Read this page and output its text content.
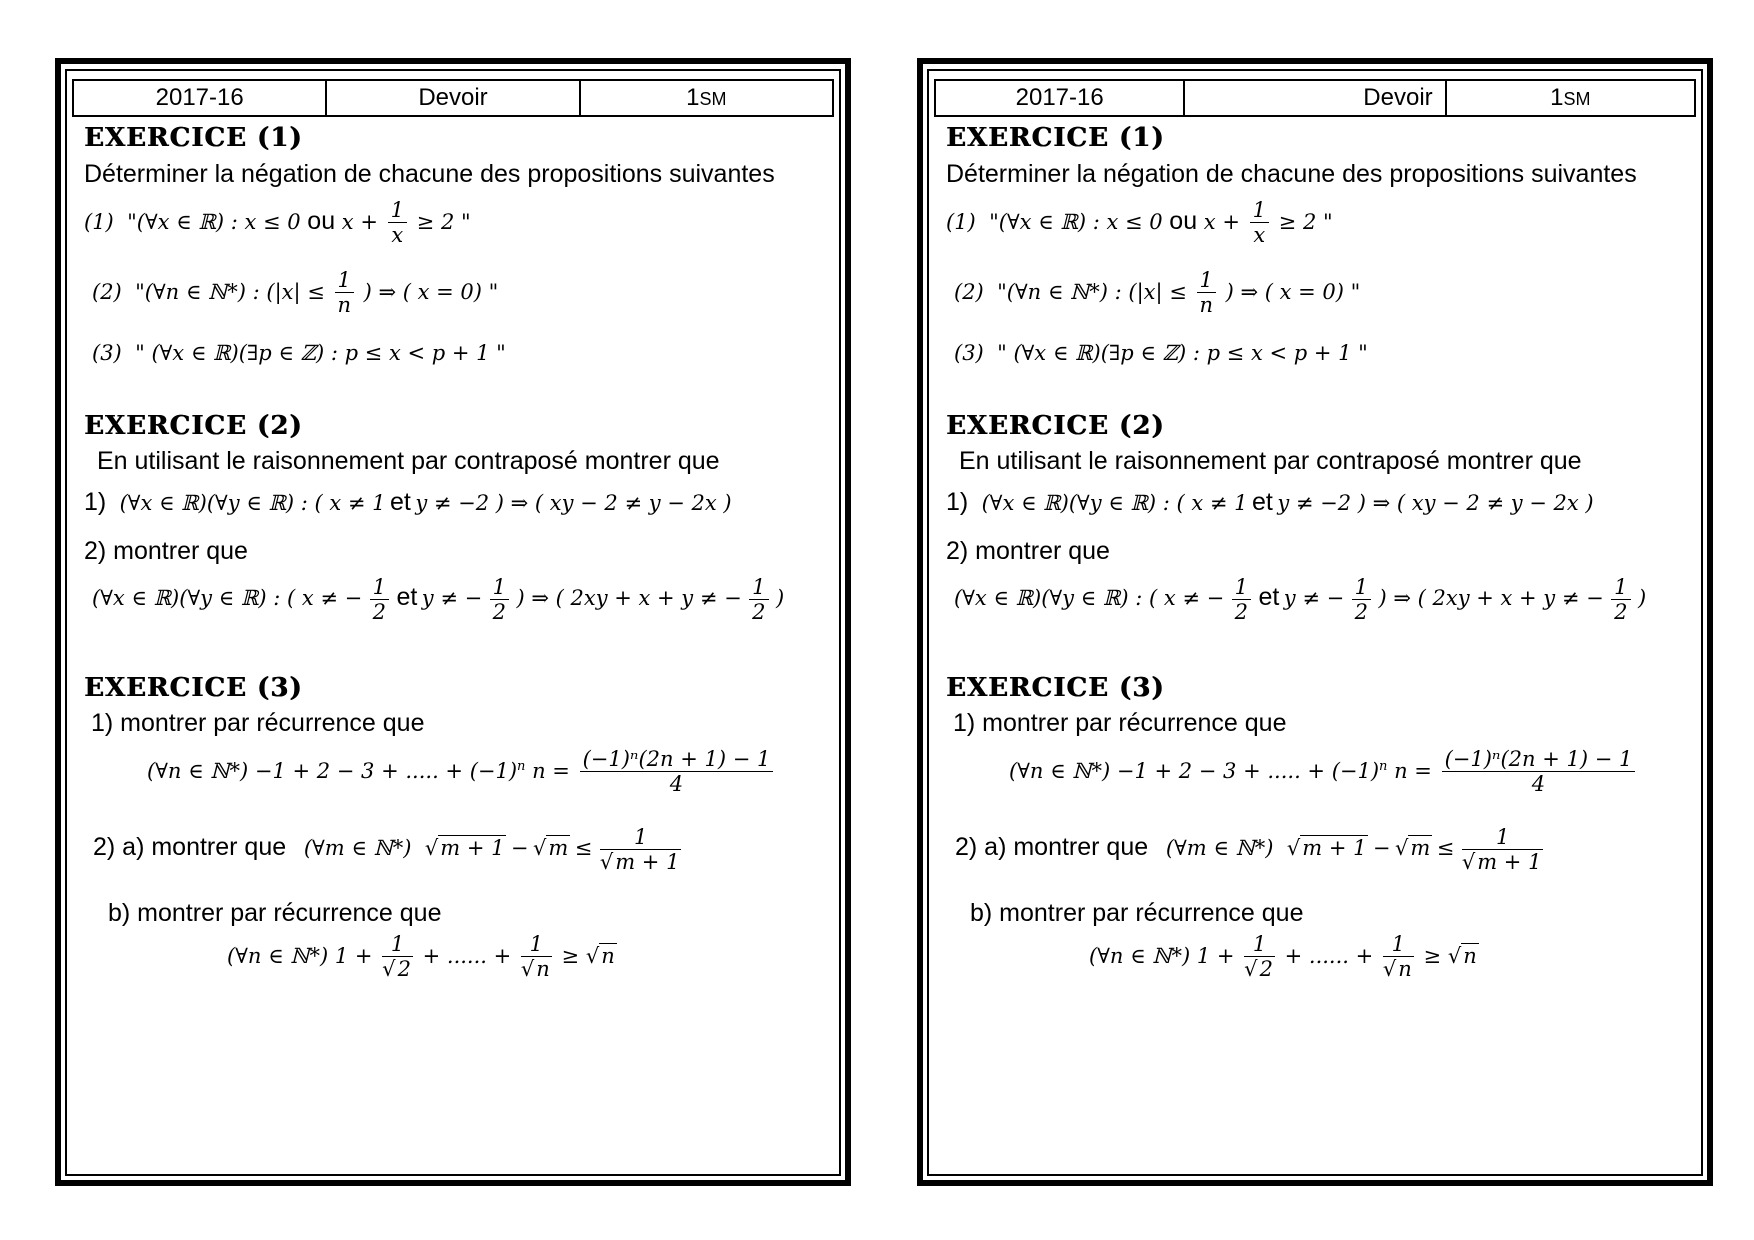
2017-16	Devoir	1SM
EXERCICE (1)
Déterminer la négation de chacune des propositions suivantes
(1) "(∀x ∈ ℝ) : x ≤ 0 ou $x + \frac{1}{x} \ge 2$ "
(2) "(∀n ∈ ℕ*) : ($|x| \le \frac{1}{n}$ ) ⇒ ( x = 0) "
(3) " (∀x ∈ ℝ)(∃p ∈ ℤ) : p ≤ x < p + 1 "
EXERCICE (2)
En utilisant le raisonnement par contraposé montrer que
1) (∀x ∈ ℝ)(∀y ∈ ℝ) : ( x ≠ 1 et y ≠ −2 ) ⇒ ( xy − 2 ≠ y − 2x )
2) montrer que
(∀x ∈ ℝ)(∀y ∈ ℝ) : ( x ≠ − $\frac{1}{2}$ et y ≠ − $\frac{1}{2}$ ) ⇒ ( 2xy + x + y ≠ − $\frac{1}{2}$ )
EXERCICE (3)
1) montrer par récurrence que
(∀n ∈ ℕ*) −1 + 2 − 3 + ..... + $(-1)^n$ $n = \frac{\text{(−1)ⁿ(2n + 1) − 1}}{4}$
2) a) montrer que (∀m ∈ ℕ*) $√m + 1 - √m \le \frac{1}{√m + 1}$
b) montrer par récurrence que
(∀n ∈ ℕ*) $1 + \frac{1}{√2}$ + ...... + $\frac{1}{√n} \ge √n$
2017-16	Devoir	1SM
EXERCICE (1)
Déterminer la négation de chacune des propositions suivantes
(1) "(∀x ∈ ℝ) : x ≤ 0 ou $x + \frac{1}{x} \ge 2$ "
(2) "(∀n ∈ ℕ*) : ($|x| \le \frac{1}{n}$ ) ⇒ ( x = 0) "
(3) " (∀x ∈ ℝ)(∃p ∈ ℤ) : p ≤ x < p + 1 "
EXERCICE (2)
En utilisant le raisonnement par contraposé montrer que
1) (∀x ∈ ℝ)(∀y ∈ ℝ) : ( x ≠ 1 et y ≠ −2 ) ⇒ ( xy − 2 ≠ y − 2x )
2) montrer que
(∀x ∈ ℝ)(∀y ∈ ℝ) : ( x ≠ − $\frac{1}{2}$ et y ≠ − $\frac{1}{2}$ ) ⇒ ( 2xy + x + y ≠ − $\frac{1}{2}$ )
EXERCICE (3)
1) montrer par récurrence que
(∀n ∈ ℕ*) −1 + 2 − 3 + ..... + $(-1)^n$ $n = \frac{\text{(−1)ⁿ(2n + 1) − 1}}{4}$
2) a) montrer que (∀m ∈ ℕ*) $√m + 1 - √m \le \frac{1}{√m + 1}$
b) montrer par récurrence que
(∀n ∈ ℕ*) $1 + \frac{1}{√2}$ + ...... + $\frac{1}{√n} \ge √n$
